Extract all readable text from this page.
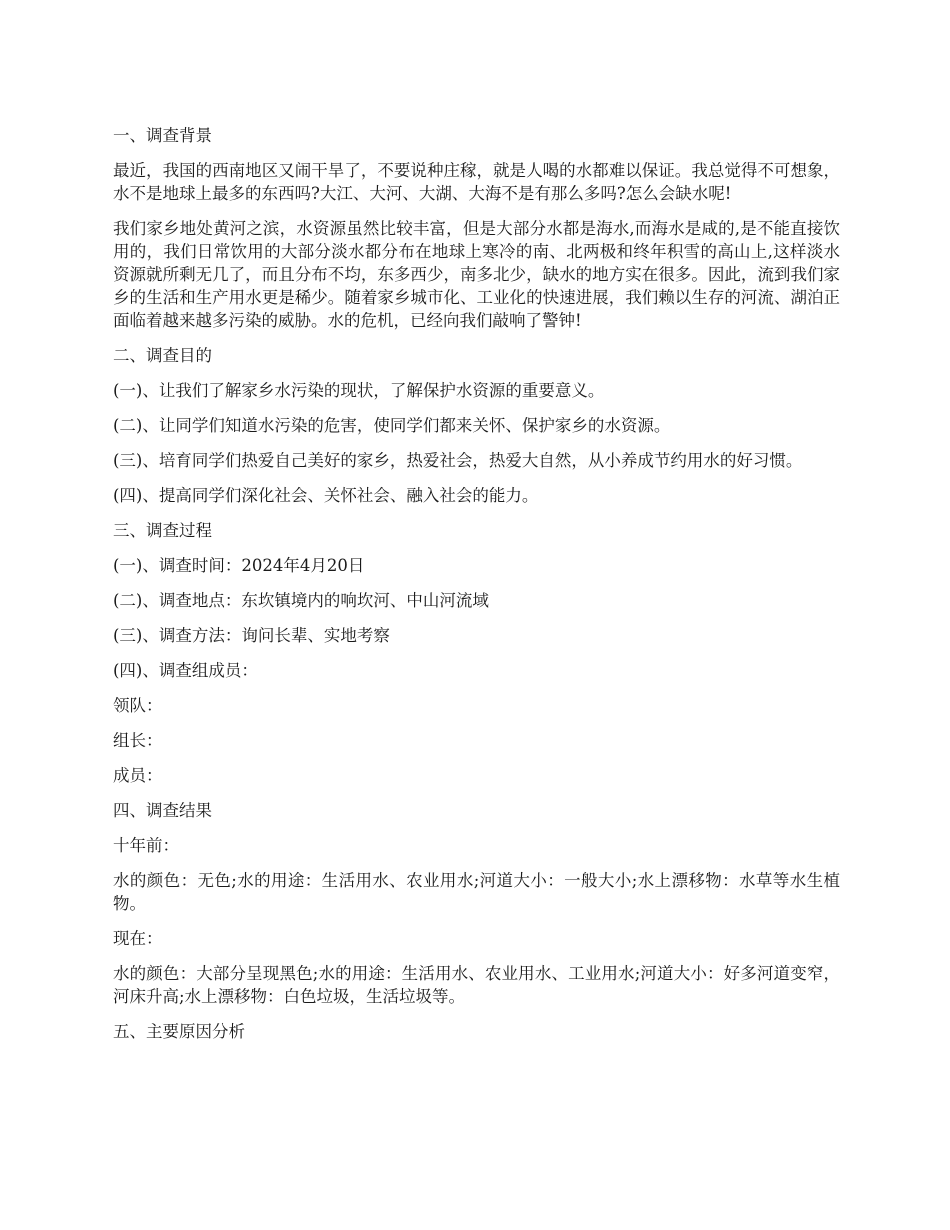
一、调查背景

最近，我国的西南地区又闹干旱了，不要说种庄稼，就是人喝的水都难以保证。我总觉得不可想象，水不是地球上最多的东西吗?大江、大河、大湖、大海不是有那么多吗?怎么会缺水呢!

我们家乡地处黄河之滨，水资源虽然比较丰富，但是大部分水都是海水,而海水是咸的,是不能直接饮用的，我们日常饮用的大部分淡水都分布在地球上寒冷的南、北两极和终年积雪的高山上,这样淡水资源就所剩无几了，而且分布不均，东多西少，南多北少，缺水的地方实在很多。因此，流到我们家乡的生活和生产用水更是稀少。随着家乡城市化、工业化的快速进展，我们赖以生存的河流、湖泊正面临着越来越多污染的威胁。水的危机，已经向我们敲响了警钟!

二、调查目的

(一)、让我们了解家乡水污染的现状，了解保护水资源的重要意义。

(二)、让同学们知道水污染的危害，使同学们都来关怀、保护家乡的水资源。

(三)、培育同学们热爱自己美好的家乡，热爱社会，热爱大自然，从小养成节约用水的好习惯。

(四)、提高同学们深化社会、关怀社会、融入社会的能力。

三、调查过程

(一)、调查时间：2024年4月20日

(二)、调查地点：东坎镇境内的响坎河、中山河流域

(三)、调查方法：询问长辈、实地考察

(四)、调查组成员：

领队：

组长：

成员：

四、调查结果

十年前：

水的颜色：无色;水的用途：生活用水、农业用水;河道大小：一般大小;水上漂移物：水草等水生植物。

现在：

水的颜色：大部分呈现黑色;水的用途：生活用水、农业用水、工业用水;河道大小：好多河道变窄，河床升高;水上漂移物：白色垃圾，生活垃圾等。

五、主要原因分析
